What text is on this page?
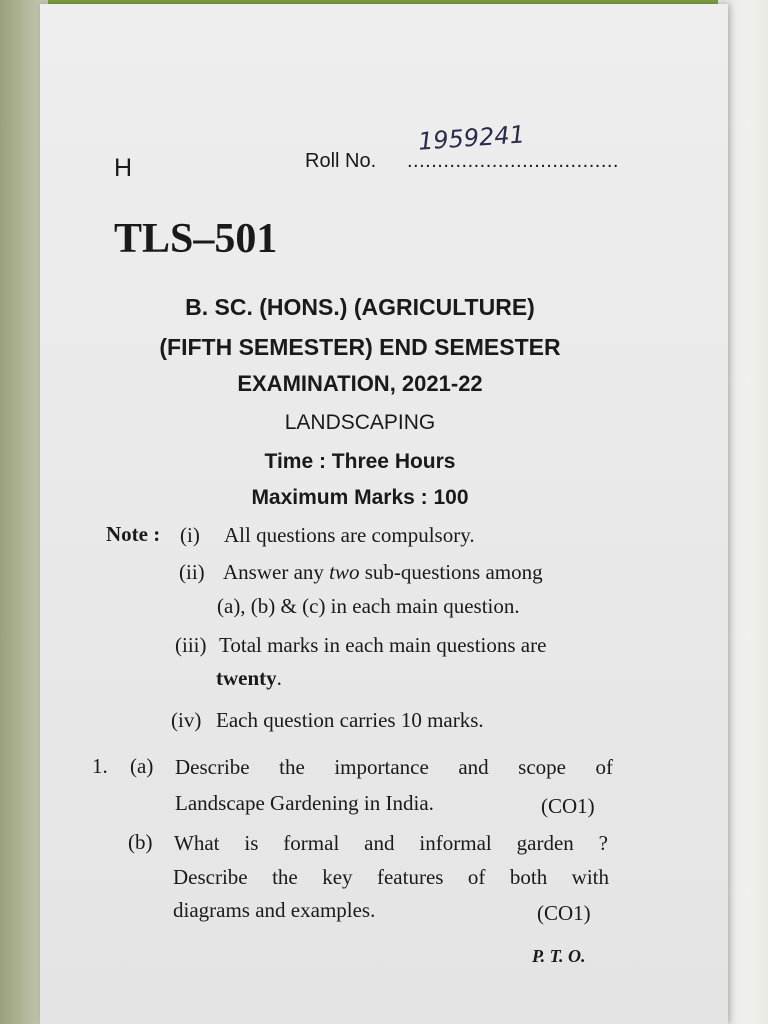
H	Roll No. ...................................
1959241
TLS–501
B. SC. (HONS.) (AGRICULTURE)
(FIFTH SEMESTER) END SEMESTER
EXAMINATION, 2021-22
LANDSCAPING
Time : Three Hours
Maximum Marks : 100
Note : (i) All questions are compulsory.
(ii) Answer any two sub-questions among
(a), (b) & (c) in each main question.
(iii) Total marks in each main questions are
twenty.
(iv) Each question carries 10 marks.
1. (a) Describe the importance and scope of
Landscape Gardening in India.	(CO1)
(b) What is formal and informal garden ?
Describe the key features of both with
diagrams and examples.	(CO1)
P. T. O.
